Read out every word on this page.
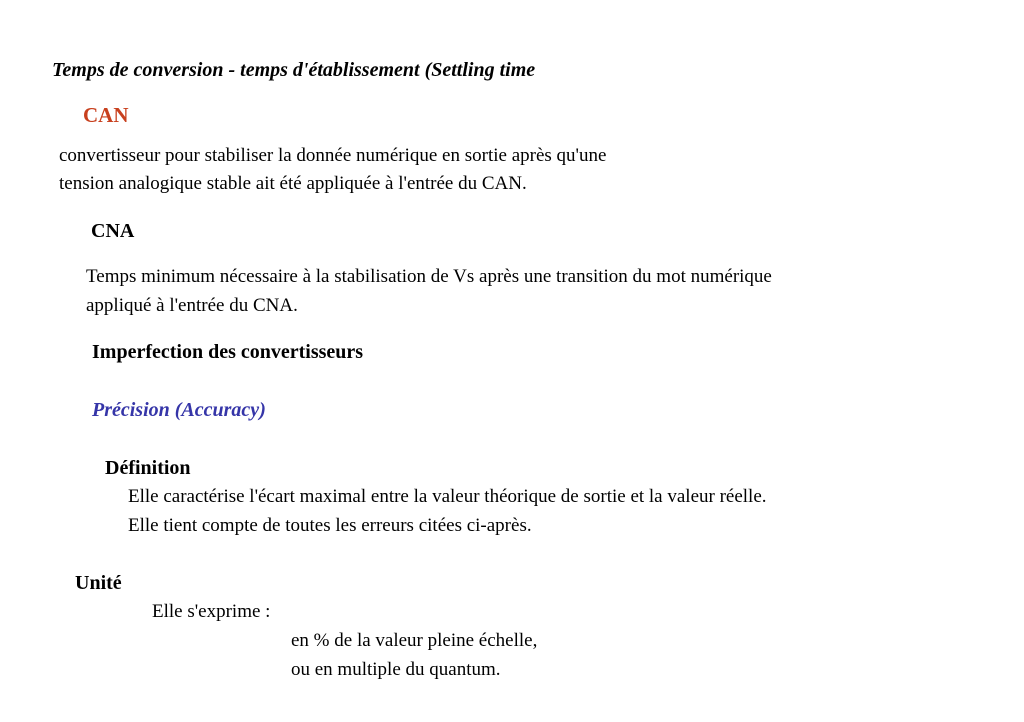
Temps de conversion - temps d'établissement (Settling time

CAN

convertisseur pour stabiliser la donnée numérique en sortie après qu'une

tension analogique stable ait été appliquée à l'entrée du CAN.

CNA

Temps minimum nécessaire à la stabilisation de Vs après une transition du mot numérique

appliqué à l'entrée du CNA.

Imperfection des convertisseurs

Précision (Accuracy)

Définition

Elle caractérise l'écart maximal entre la valeur théorique de sortie et la valeur réelle.

Elle tient compte de toutes les erreurs citées ci-après.

Unité

Elle s'exprime :

en % de la valeur pleine échelle,

ou en multiple du quantum.
